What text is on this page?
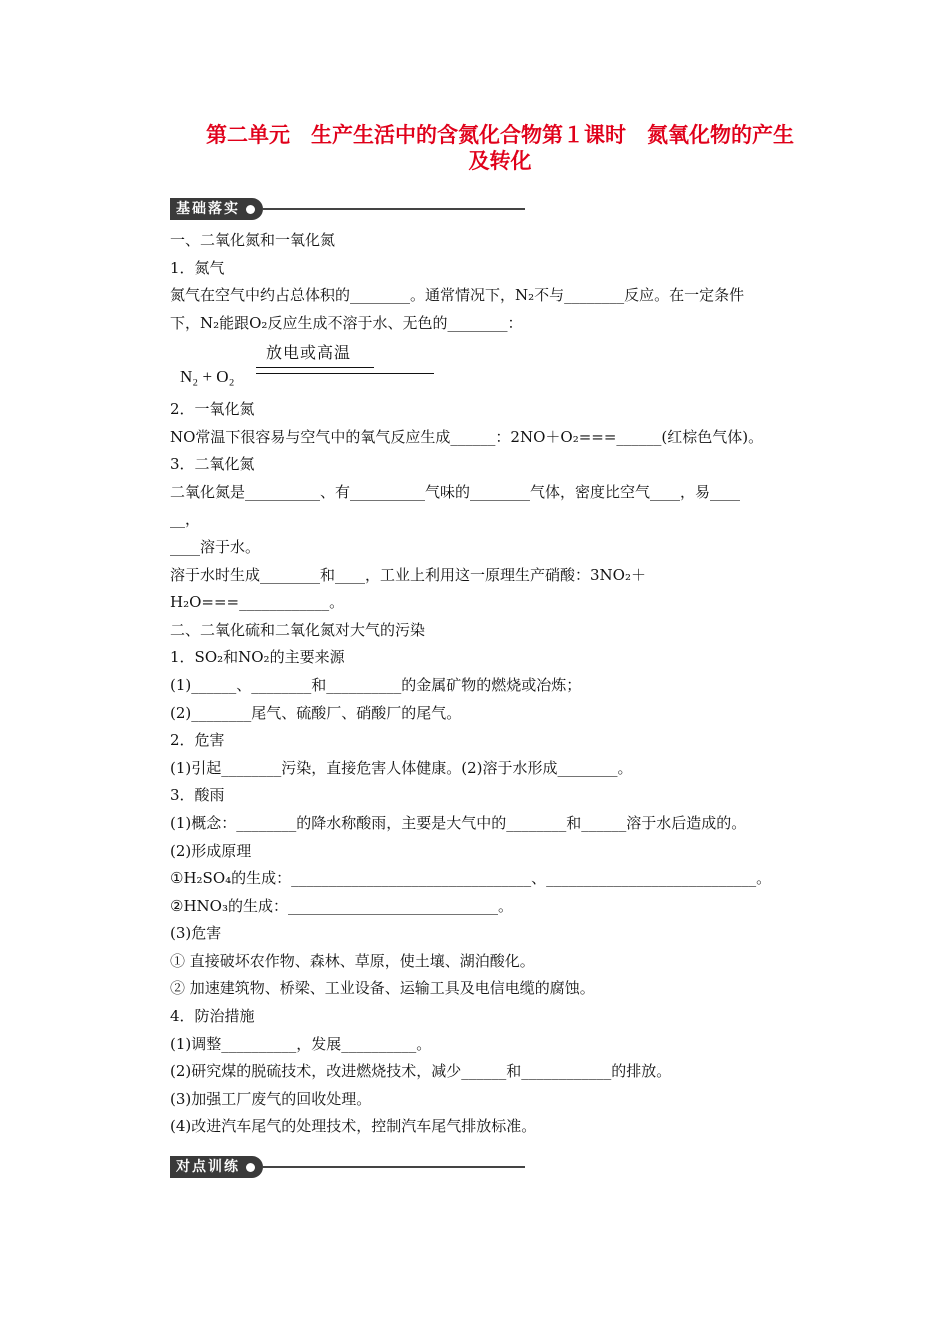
第二单元　生产生活中的含氮化合物第１课时　氮氧化物的产生
及转化
基础落实

一、二氧化氮和一氧化氮

1．氮气

氮气在空气中约占总体积的________。通常情况下，N₂不与________反应。在一定条件

下，N₂能跟O₂反应生成不溶于水、无色的________：

N₂ + O₂
放电或高温

2．一氧化氮

NO常温下很容易与空气中的氧气反应生成______：2NO＋O₂===______(红棕色气体)。

3．二氧化氮

二氧化氮是__________、有__________气味的________气体，密度比空气____，易____

__，

____溶于水。

溶于水时生成________和____，工业上利用这一原理生产硝酸：3NO₂＋

H₂O===____________。

二、二氧化硫和二氧化氮对大气的污染

1．SO₂和NO₂的主要来源

(1)______、________和__________的金属矿物的燃烧或冶炼；

(2)________尾气、硫酸厂、硝酸厂的尾气。

2．危害

(1)引起________污染，直接危害人体健康。(2)溶于水形成________。

3．酸雨

(1)概念：________的降水称酸雨，主要是大气中的________和______溶于水后造成的。

(2)形成原理

①H₂SO₄的生成：________________________________、____________________________。

②HNO₃的生成：____________________________。

(3)危害

① 直接破坏农作物、森林、草原，使土壤、湖泊酸化。

② 加速建筑物、桥梁、工业设备、运输工具及电信电缆的腐蚀。

4．防治措施

(1)调整__________，发展__________。

(2)研究煤的脱硫技术，改进燃烧技术，减少______和____________的排放。

(3)加强工厂废气的回收处理。

(4)改进汽车尾气的处理技术，控制汽车尾气排放标准。

对点训练
